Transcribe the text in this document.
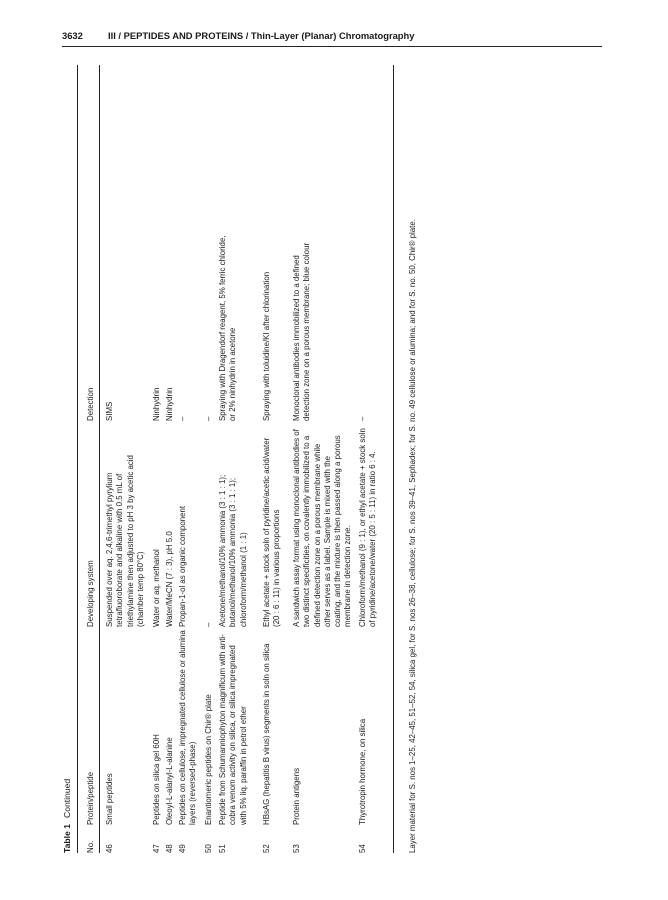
3632	III / PEPTIDES AND PROTEINS / Thin-Layer (Planar) Chromatography
Table 1Continued
No.
Protein/peptide
Developing system
Detection
46
Small peptides
Suspended over aq. 2,4,6-trimethyl pyrylium tetrafluoroborate and alkaline with 0.5 mL of triethylamine then adjusted to pH 3 by acetic acid (chamber temp 80°C)
SIMS
47
Peptides on silica gel 60H
Water or aq. methanol
Ninhydrin
48
Oleoyl-L-alanyl-L-alanine
Water/MeCN (7 : 3), pH 5.0
Ninhydrin
49
Peptides on cellulose, impregnated cellulose or alumina layers (reversed-phase)
Propan-1-ol as organic component
–
50
Enantiomeric peptides on Chir® plate
–
–
51
Peptide from Schumanniophyton magnificum with anti-cobra venom activity on silica, or silica impregnated with 5% liq. paraffin in petrol ether
Acetone/methanol/10% ammonia (3 : 1 : 1); butanol/methanol/10% ammonia (3 : 1 : 1); chloroform/methanol (1 : 1)
Spraying with Dragendorf reagent, 5% ferric chloride, or 2% ninhydrin in acetone
52
HBsAG (hepatitis B virus) segments in soln on silica
Ethyl acetate + stock soln of pyridine/acetic acid/water (20 : 6 : 11) in various proportions
Spraying with toluidine/KI after chlorination
53
Protein antigens
A sandwich assay format using monoclonal antibodies of two distinct specificities, on covalently immobilized to a defined detection zone on a porous membrane while other serves as a label. Sample is mixed with the coating, and the mixture is then passed along a porous membrane in detection zone.
Monoclonal antibodies immobilized to a defined detection zone on a porous membrane; blue colour
54
Thyrotropin hormone, on silica
Chloroform/methanol (9 : 1), or ethyl acetate + stock soln of pyridine/acetone/water (20 : 5 : 11) in ratio 6 : 4.
–	Layer material for S. nos 1–25, 42–45, 51–52, 54, silica gel, for S. nos 26–38, cellulose; for S. nos 39–41, Sephadex; for S. no. 49 cellulose or alumina; and for S. no. 50, Chir® plate.
